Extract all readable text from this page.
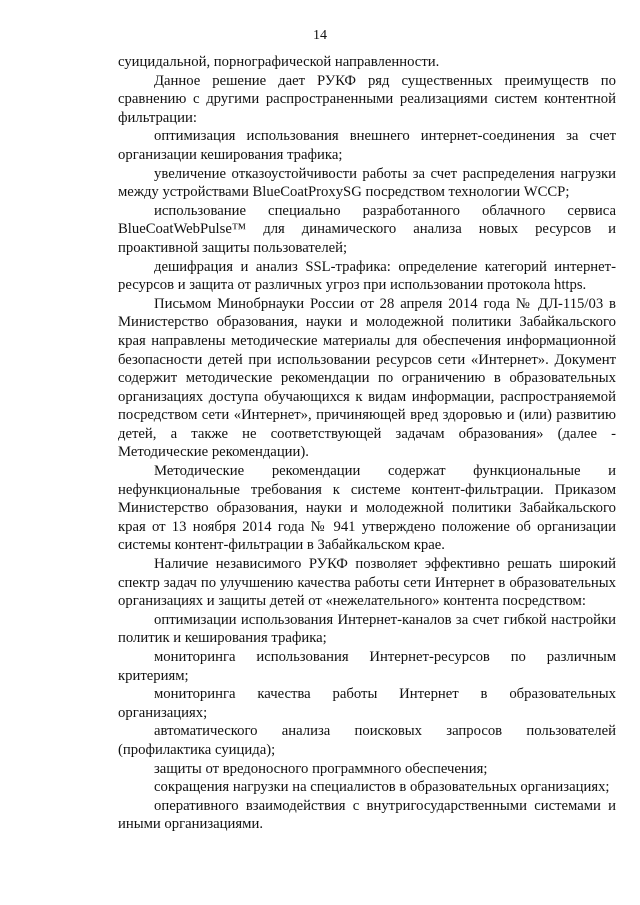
14

суицидальной, порнографической направленности.

Данное решение дает РУКФ ряд существенных преимуществ по сравнению с другими распространенными реализациями систем контентной фильтрации:

оптимизация использования внешнего интернет-соединения за счет организации кеширования трафика;

увеличение отказоустойчивости работы за счет распределения нагрузки между устройствами BlueCoatProxySG посредством технологии WCCP;

использование специально разработанного облачного сервиса BlueCoatWebPulse™ для динамического анализа новых ресурсов и проактивной защиты пользователей;

дешифрация и анализ SSL-трафика: определение категорий интернет-ресурсов и защита от различных угроз при использовании протокола https.

Письмом Минобрнауки России от 28 апреля 2014 года № ДЛ-115/03 в Министерство образования, науки и молодежной политики Забайкальского края направлены методические материалы для обеспечения информационной безопасности детей при использовании ресурсов сети «Интернет». Документ содержит методические рекомендации по ограничению в образовательных организациях доступа обучающихся к видам информации, распространяемой посредством сети «Интернет», причиняющей вред здоровью и (или) развитию детей, а также не соответствующей задачам образования» (далее - Методические рекомендации).

Методические рекомендации содержат функциональные и нефункциональные требования к системе контент-фильтрации. Приказом Министерство образования, науки и молодежной политики Забайкальского края от 13 ноября 2014 года № 941 утверждено положение об организации системы контент-фильтрации в Забайкальском крае.

Наличие независимого РУКФ позволяет эффективно решать широкий спектр задач по улучшению качества работы сети Интернет в образовательных организациях и защиты детей от «нежелательного» контента посредством:

оптимизации использования Интернет-каналов за счет гибкой настройки политик и кеширования трафика;

мониторинга использования Интернет-ресурсов по различным критериям;

мониторинга качества работы Интернет в образовательных организациях;

автоматического анализа поисковых запросов пользователей (профилактика суицида);

защиты от вредоносного программного обеспечения;

сокращения нагрузки на специалистов в образовательных организациях;

оперативного взаимодействия с внутригосударственными системами и иными организациями.
